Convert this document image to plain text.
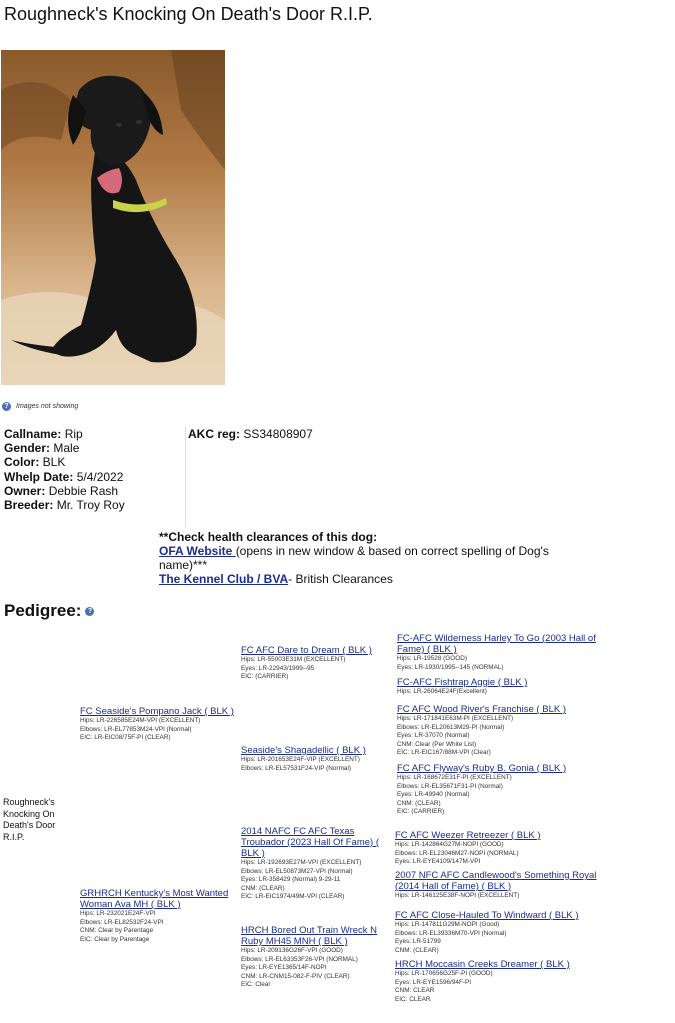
Roughneck's Knocking On Death's Door R.I.P.
?	Images not showing
Callname: Rip
Gender: Male
Color: BLK
Whelp Date: 5/4/2022
Owner: Debbie Rash
Breeder: Mr. Troy Roy
AKC reg: SS34808907
**Check health clearances of this dog:
OFA Website (opens in new window & based on correct spelling of Dog's name)***
The Kennel Club / BVA- British Clearances
Pedigree: ?
Roughneck's Knocking On Death's Door R.I.P.
FC Seaside's Pompano Jack ( BLK )
Hips: LR-226585E24M-VPI (EXCELLENT)
Elbows: LR-EL77853M24-VPI (Normal)
EIC: LR-EIC08/75F-PI (CLEAR)
GRHRCH Kentucky's Most Wanted Woman Ava MH ( BLK )
Hips: LR-232021E24F-VPI
Elbows: LR-EL82532F24-VPI
CNM: Clear by Parentage
EIC: Clear by Parentage
FC AFC Dare to Dream ( BLK )
Hips: LR-55003E31M (EXCELLENT)
Eyes: LR-22943/1999--95
EIC: (CARRIER)
Seaside's Shagadellic ( BLK )
Hips: LR-201653E24F-VIP (EXCELLENT)
Elbows: LR-EL57531F24-VIP (Normal)
2014 NAFC FC AFC Texas Troubador (2023 Hall Of Fame) ( BLK )
Hips: LR-192693E27M-VPI (EXCELLENT)
Elbows: LR-EL50873M27-VPI (Normal)
Eyes: LR-358429 (Normal) 9-29-11
CNM: (CLEAR)
EIC: LR-EIC1974/49M-VPI (CLEAR)
HRCH Bored Out Train Wreck N Ruby MH45 MNH ( BLK )
Hips: LR-209136G26F-VPI (GOOD)
Elbows: LR-EL63353F26-VPI (NORMAL)
Eyes: LR-EYE1365/14F-NOPI
CNM: LR-CNM15-082-F-PIV (CLEAR)
EIC: Clear
FC-AFC Wilderness Harley To Go (2003 Hall of Fame) ( BLK )
Hips: LR-19528 (GOOD)
Eyes: LR-1930/1995--145 (NORMAL)
FC-AFC Fishtrap Aggie ( BLK )
Hips: LR-26064E24F(Excellent)
FC AFC Wood River's Franchise ( BLK )
Hips: LR-171841E63M-PI (EXCELLENT)
Elbows: LR-EL20613M29-PI (Normal)
Eyes: LR-37070 (Normal)
CNM: Clear (Per White List)
EIC: LR-EIC167/88M-VPI (Clear)
FC AFC Flyway's Ruby B. Gonia ( BLK )
Hips: LR-168672E31F-PI (EXCELLENT)
Elbows: LR-EL35671F31-PI (Normal)
Eyes: LR-49940 (Normal)
CNM: (CLEAR)
EIC: (CARRIER)
FC AFC Weezer Retreezer ( BLK )
Hips: LR-142864G27M-NOPI (GOOD)
Elbows: LR-EL23046M27-NOPI (NORMAL)
Eyes: LR-EYE4109/147M-VPI
2007 NFC AFC Candlewood's Something Royal (2014 Hall of Fame) ( BLK )
Hips: LR-146125E38F-NOPI (EXCELLENT)
FC AFC Close-Hauled To Windward ( BLK )
Hips: LR-147811G29M-NOPI (Good)
Elbows: LR-EL39336M70-VPI (Normal)
Eyes: LR-51799
CNM: (CLEAR)
HRCH Moccasin Creeks Dreamer ( BLK )
Hips: LR-170656G25F-PI (GOOD)
Eyes: LR-EYE1596/94F-PI
CNM: CLEAR
EIC: CLEAR
